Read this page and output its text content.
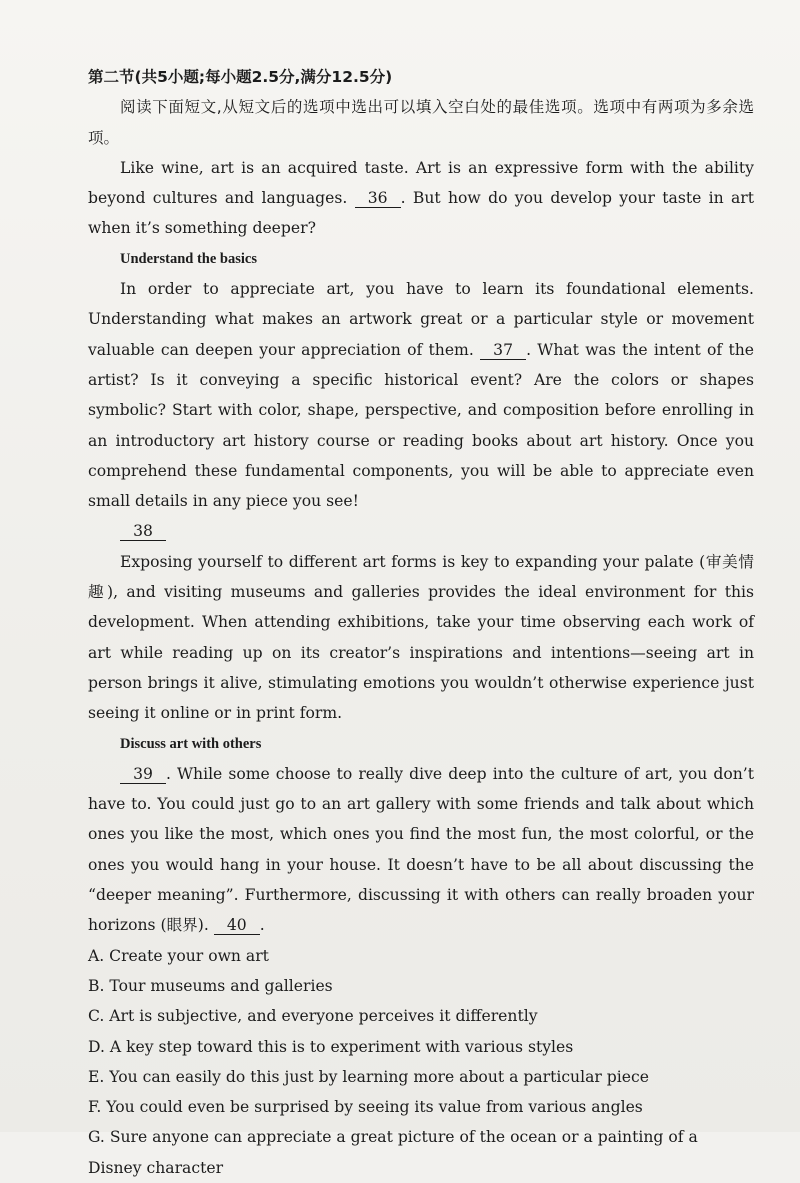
第二节(共5小题;每小题2.5分,满分12.5分)

阅读下面短文,从短文后的选项中选出可以填入空白处的最佳选项。选项中有两项为多余选项。

Like wine, art is an acquired taste. Art is an expressive form with the ability beyond cultures and languages. 36 . But how do you develop your taste in art when it’s something deeper?

Understand the basics

In order to appreciate art, you have to learn its foundational elements. Understanding what makes an artwork great or a particular style or movement valuable can deepen your appreciation of them. 37 . What was the intent of the artist? Is it conveying a specific historical event? Are the colors or shapes symbolic? Start with color, shape, perspective, and composition before enrolling in an introductory art history course or reading books about art history. Once you comprehend these fundamental components, you will be able to appreciate even small details in any piece you see!

38

Exposing yourself to different art forms is key to expanding your palate (审美情趣), and visiting museums and galleries provides the ideal environment for this development. When attending exhibitions, take your time observing each work of art while reading up on its creator’s inspirations and intentions—seeing art in person brings it alive, stimulating emotions you wouldn’t otherwise experience just seeing it online or in print form.

Discuss art with others

39 . While some choose to really dive deep into the culture of art, you don’t have to. You could just go to an art gallery with some friends and talk about which ones you like the most, which ones you find the most fun, the most colorful, or the ones you would hang in your house. It doesn’t have to be all about discussing the “deeper meaning”. Furthermore, discussing it with others can really broaden your horizons (眼界). 40 .

A. Create your own art
B. Tour museums and galleries
C. Art is subjective, and everyone perceives it differently
D. A key step toward this is to experiment with various styles
E. You can easily do this just by learning more about a particular piece
F. You could even be surprised by seeing its value from various angles
G. Sure anyone can appreciate a great picture of the ocean or a painting of a Disney character
